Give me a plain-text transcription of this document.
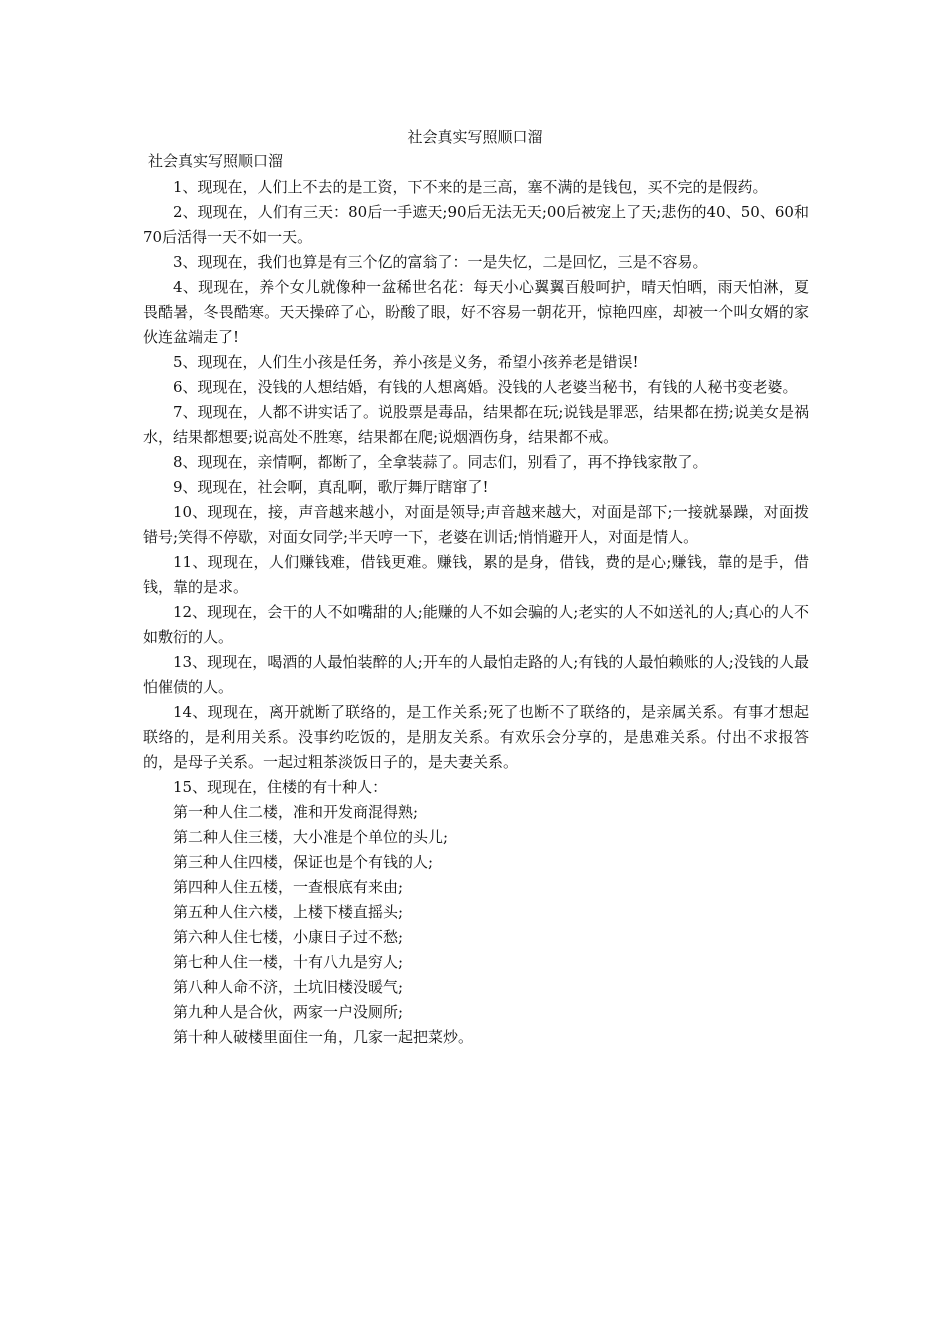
社会真实写照顺口溜
社会真实写照顺口溜

1、现现在，人们上不去的是工资，下不来的是三高，塞不满的是钱包，买不完的是假药。

2、现现在，人们有三天：80后一手遮天;90后无法无天;00后被宠上了天;悲伤的40、50、60和70后活得一天不如一天。

3、现现在，我们也算是有三个亿的富翁了：一是失忆，二是回忆，三是不容易。

4、现现在，养个女儿就像种一盆稀世名花：每天小心翼翼百般呵护，晴天怕晒，雨天怕淋，夏畏酷暑，冬畏酷寒。天天操碎了心，盼酸了眼，好不容易一朝花开，惊艳四座，却被一个叫女婿的家伙连盆端走了!

5、现现在，人们生小孩是任务，养小孩是义务，希望小孩养老是错误!

6、现现在，没钱的人想结婚，有钱的人想离婚。没钱的人老婆当秘书，有钱的人秘书变老婆。

7、现现在，人都不讲实话了。说股票是毒品，结果都在玩;说钱是罪恶，结果都在捞;说美女是祸水，结果都想要;说高处不胜寒，结果都在爬;说烟酒伤身，结果都不戒。

8、现现在，亲情啊，都断了，全拿装蒜了。同志们，别看了，再不挣钱家散了。

9、现现在，社会啊，真乱啊，歌厅舞厅瞎窜了!

10、现现在，接，声音越来越小，对面是领导;声音越来越大，对面是部下;一接就暴躁，对面拨错号;笑得不停歇，对面女同学;半天哼一下，老婆在训话;悄悄避开人，对面是情人。

11、现现在，人们赚钱难，借钱更难。赚钱，累的是身，借钱，费的是心;赚钱，靠的是手，借钱，靠的是求。

12、现现在，会干的人不如嘴甜的人;能赚的人不如会骗的人;老实的人不如送礼的人;真心的人不如敷衍的人。

13、现现在，喝酒的人最怕装醉的人;开车的人最怕走路的人;有钱的人最怕赖账的人;没钱的人最怕催债的人。

14、现现在，离开就断了联络的，是工作关系;死了也断不了联络的，是亲属关系。有事才想起联络的，是利用关系。没事约吃饭的，是朋友关系。有欢乐会分享的，是患难关系。付出不求报答的，是母子关系。一起过粗茶淡饭日子的，是夫妻关系。

15、现现在，住楼的有十种人：

第一种人住二楼，准和开发商混得熟;
第二种人住三楼，大小准是个单位的头儿;
第三种人住四楼，保证也是个有钱的人;
第四种人住五楼，一查根底有来由;
第五种人住六楼，上楼下楼直摇头;
第六种人住七楼，小康日子过不愁;
第七种人住一楼，十有八九是穷人;
第八种人命不济，土坑旧楼没暖气;
第九种人是合伙，两家一户没厕所;
第十种人破楼里面住一角，几家一起把菜炒。
